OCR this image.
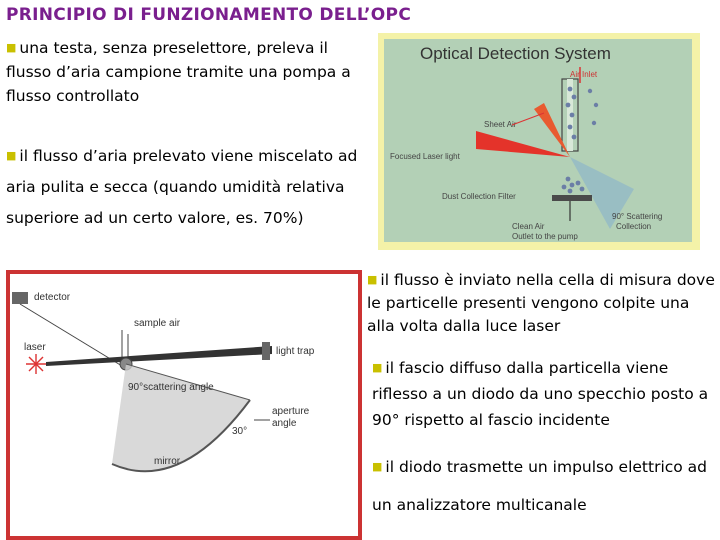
PRINCIPIO DI FUNZIONAMENTO DELL’OPC
■ una testa, senza preselettore, preleva il flusso d’aria campione tramite una pompa a flusso controllato
■ il flusso d’aria prelevato viene miscelato ad aria pulita e secca (quando umidità relativa superiore ad un certo valore, es. 70%)
■ il flusso è inviato nella cella di misura dove le particelle presenti vengono colpite una alla volta dalla luce laser
■ il fascio diffuso dalla particella viene riflesso a un diodo da uno specchio posto a 90° rispetto al fascio incidente
■ il diodo trasmette un impulso elettrico ad un analizzatore multicanale
Optical Detection System
Air Inlet
Sheet Air
Focused Laser light
Dust Collection Filter
Clean Air
Outlet to the pump
90° Scattering
Collection
detector
sample air
laser	light trap
90°scattering angle
30°
aperture
angle
mirror
